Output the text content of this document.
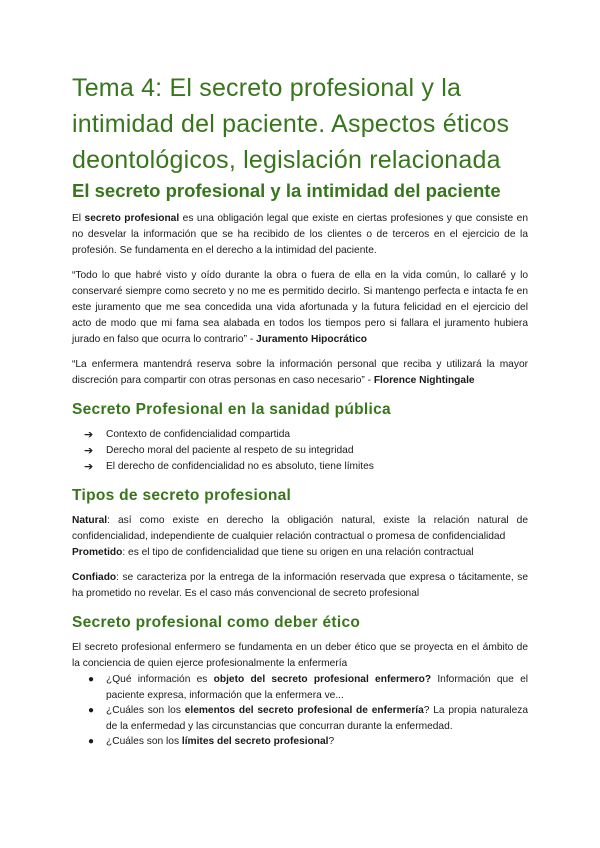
Tema 4: El secreto profesional y la
intimidad del paciente. Aspectos éticos
deontológicos, legislación relacionada
El secreto profesional y la intimidad del paciente

El secreto profesional es una obligación legal que existe en ciertas profesiones y que consiste en no desvelar la información que se ha recibido de los clientes o de terceros en el ejercicio de la profesión. Se fundamenta en el derecho a la intimidad del paciente.

“Todo lo que habré visto y oído durante la obra o fuera de ella en la vida común, lo callaré y lo conservaré siempre como secreto y no me es permitido decirlo. Si mantengo perfecta e intacta fe en este juramento que me sea concedida una vida afortunada y la futura felicidad en el ejercicio del acto de modo que mi fama sea alabada en todos los tiempos pero si fallara el juramento hubiera jurado en falso que ocurra lo contrario” - Juramento Hipocrático

“La enfermera mantendrá reserva sobre la información personal que reciba y utilizará la mayor discreción para compartir con otras personas en caso necesario” - Florence Nightingale

Secreto Profesional en la sanidad pública
➔ Contexto de confidencialidad compartida
➔ Derecho moral del paciente al respeto de su integridad
➔ El derecho de confidencialidad no es absoluto, tiene límites
Tipos de secreto profesional

Natural: así como existe en derecho la obligación natural, existe la relación natural de confidencialidad, independiente de cualquier relación contractual o promesa de confidencialidad

Prometido: es el tipo de confidencialidad que tiene su origen en una relación contractual

Confiado: se caracteriza por la entrega de la información reservada que expresa o tácitamente, se ha prometido no revelar. Es el caso más convencional de secreto profesional

Secreto profesional como deber ético

El secreto profesional enfermero se fundamenta en un deber ético que se proyecta en el ámbito de la conciencia de quien ejerce profesionalmente la enfermería

● ¿Qué información es objeto del secreto profesional enfermero? Información que el paciente expresa, información que la enfermera ve...
● ¿Cuáles son los elementos del secreto profesional de enfermería? La propia naturaleza de la enfermedad y las circunstancias que concurran durante la enfermedad.
● ¿Cuáles son los límites del secreto profesional?
